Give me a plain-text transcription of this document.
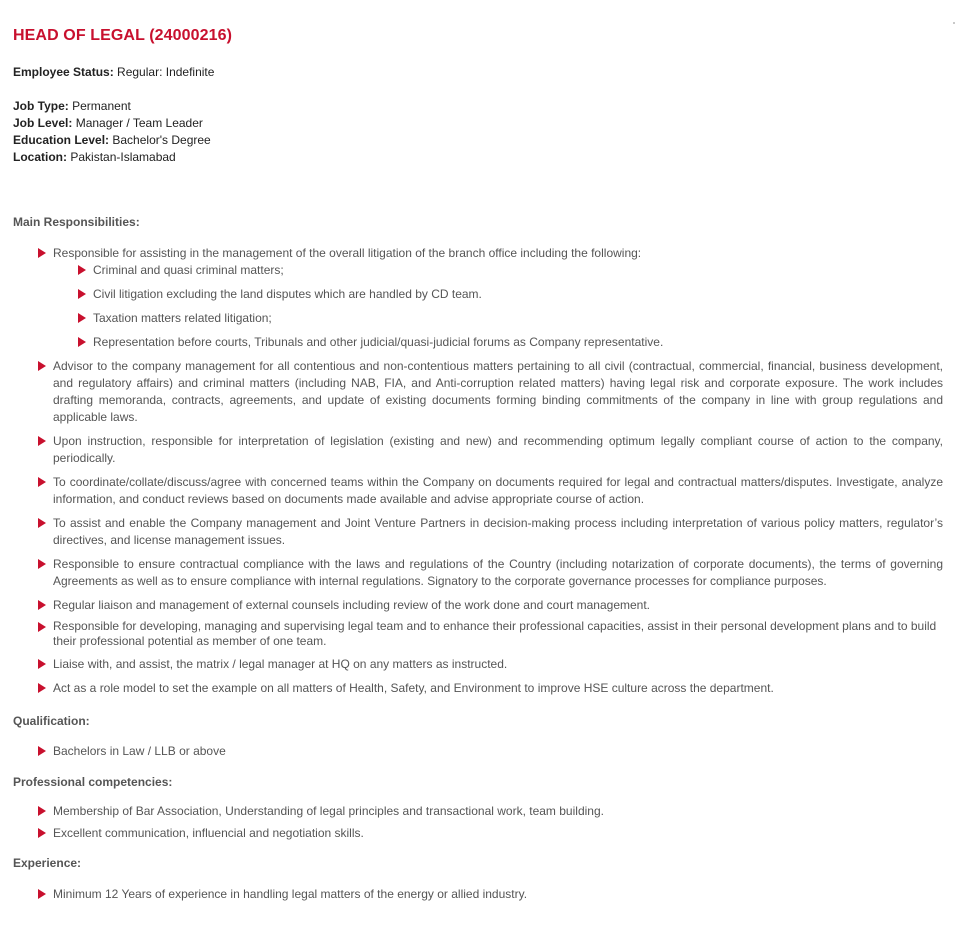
HEAD OF LEGAL (24000216)
Employee Status: Regular: Indefinite
Job Type: Permanent
Job Level: Manager / Team Leader
Education Level: Bachelor's Degree
Location: Pakistan-Islamabad
Main Responsibilities:
Responsible for assisting in the management of the overall litigation of the branch office including the following:
Criminal and quasi criminal matters;
Civil litigation excluding the land disputes which are handled by CD team.
Taxation matters related litigation;
Representation before courts, Tribunals and other judicial/quasi-judicial forums as Company representative.
Advisor to the company management for all contentious and non-contentious matters pertaining to all civil (contractual, commercial, financial, business development, and regulatory affairs) and criminal matters (including NAB, FIA, and Anti-corruption related matters) having legal risk and corporate exposure. The work includes drafting memoranda, contracts, agreements, and update of existing documents forming binding commitments of the company in line with group regulations and applicable laws.
Upon instruction, responsible for interpretation of legislation (existing and new) and recommending optimum legally compliant course of action to the company, periodically.
To coordinate/collate/discuss/agree with concerned teams within the Company on documents required for legal and contractual matters/disputes. Investigate, analyze information, and conduct reviews based on documents made available and advise appropriate course of action.
To assist and enable the Company management and Joint Venture Partners in decision-making process including interpretation of various policy matters, regulator’s directives, and license management issues.
Responsible to ensure contractual compliance with the laws and regulations of the Country (including notarization of corporate documents), the terms of governing Agreements as well as to ensure compliance with internal regulations. Signatory to the corporate governance processes for compliance purposes.
Regular liaison and management of external counsels including review of the work done and court management.
Responsible for developing, managing and supervising legal team and to enhance their professional capacities, assist in their personal development plans and to build their professional potential as member of one team.
Liaise with, and assist, the matrix / legal manager at HQ on any matters as instructed.
Act as a role model to set the example on all matters of Health, Safety, and Environment to improve HSE culture across the department.
Qualification:
Bachelors in Law / LLB or above
Professional competencies:
Membership of Bar Association, Understanding of legal principles and transactional work, team building.
Excellent communication, influencial and negotiation skills.
Experience:
Minimum 12 Years of experience in handling legal matters of the energy or allied industry.
